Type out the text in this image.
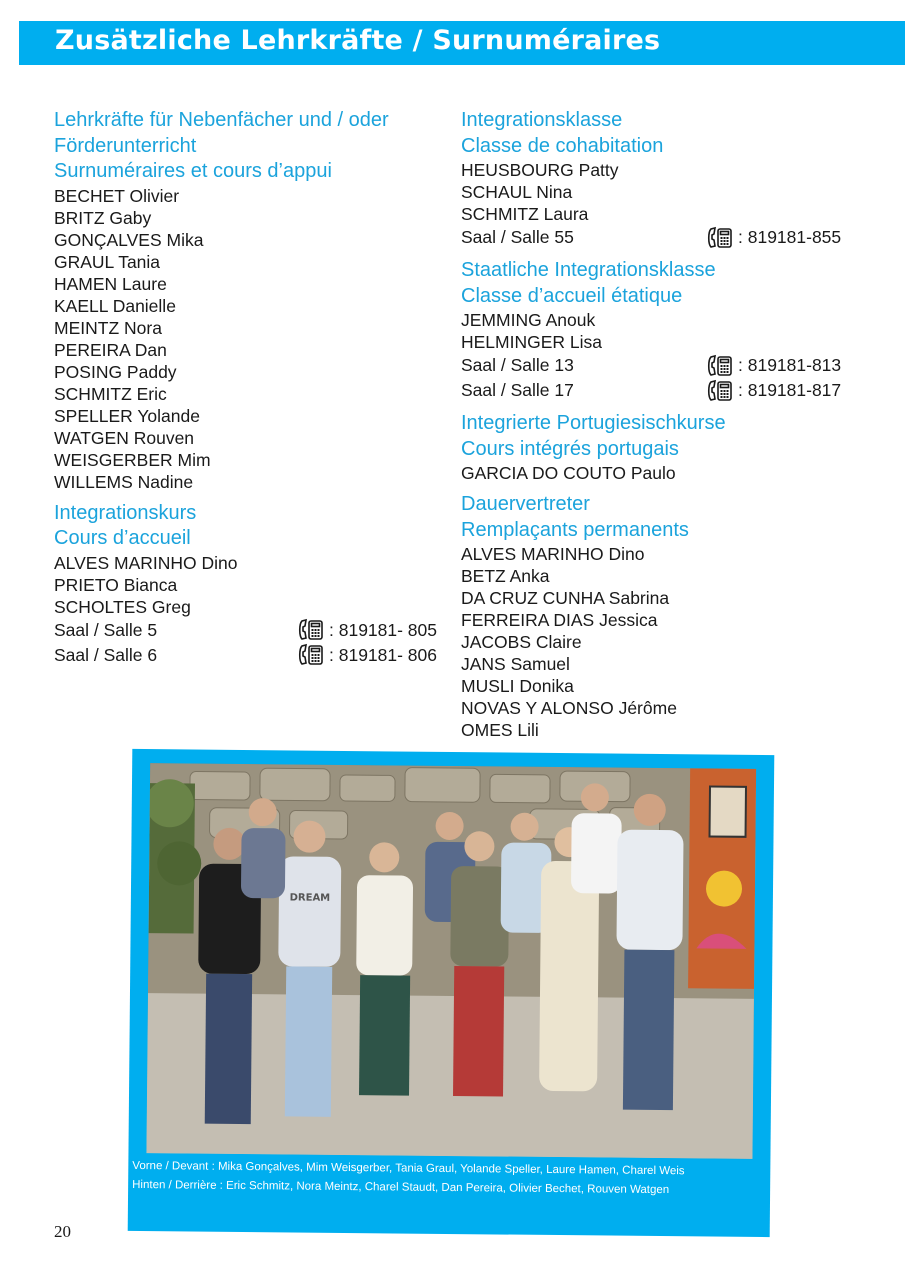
Zusätzliche Lehrkräfte / Surnuméraires
Lehrkräfte für Nebenfächer und / oder
Förderunterricht
Surnuméraires et cours d’appui
BECHET Olivier
BRITZ Gaby
GONÇALVES Mika
GRAUL Tania
HAMEN Laure
KAELL Danielle
MEINTZ Nora
PEREIRA Dan
POSING Paddy
SCHMITZ Eric
SPELLER Yolande
WATGEN Rouven
WEISGERBER Mim
WILLEMS Nadine
Integrationskurs
Cours d’accueil
ALVES MARINHO Dino
PRIETO Bianca
SCHOLTES Greg
Saal / Salle 5	: 819181- 805
Saal / Salle 6	: 819181- 806
Integrationsklasse
Classe de cohabitation
HEUSBOURG Patty
SCHAUL Nina
SCHMITZ Laura
Saal / Salle 55	: 819181-855
Staatliche Integrationsklasse
Classe d’accueil étatique
JEMMING Anouk
HELMINGER Lisa
Saal / Salle 13	: 819181-813
Saal / Salle 17	: 819181-817
Integrierte Portugiesischkurse
Cours intégrés portugais
GARCIA DO COUTO Paulo
Dauervertreter
Remplaçants permanents
ALVES MARINHO Dino
BETZ Anka
DA CRUZ CUNHA Sabrina
FERREIRA DIAS Jessica
JACOBS Claire
JANS Samuel
MUSLI Donika
NOVAS Y ALONSO Jérôme
OMES Lili
DREAM

Vorne / Devant : Mika Gonçalves, Mim Weisgerber, Tania Graul, Yolande Speller, Laure Hamen, Charel Weis

Hinten / Derrière : Eric Schmitz, Nora Meintz, Charel Staudt, Dan Pereira, Olivier Bechet, Rouven Watgen

20
